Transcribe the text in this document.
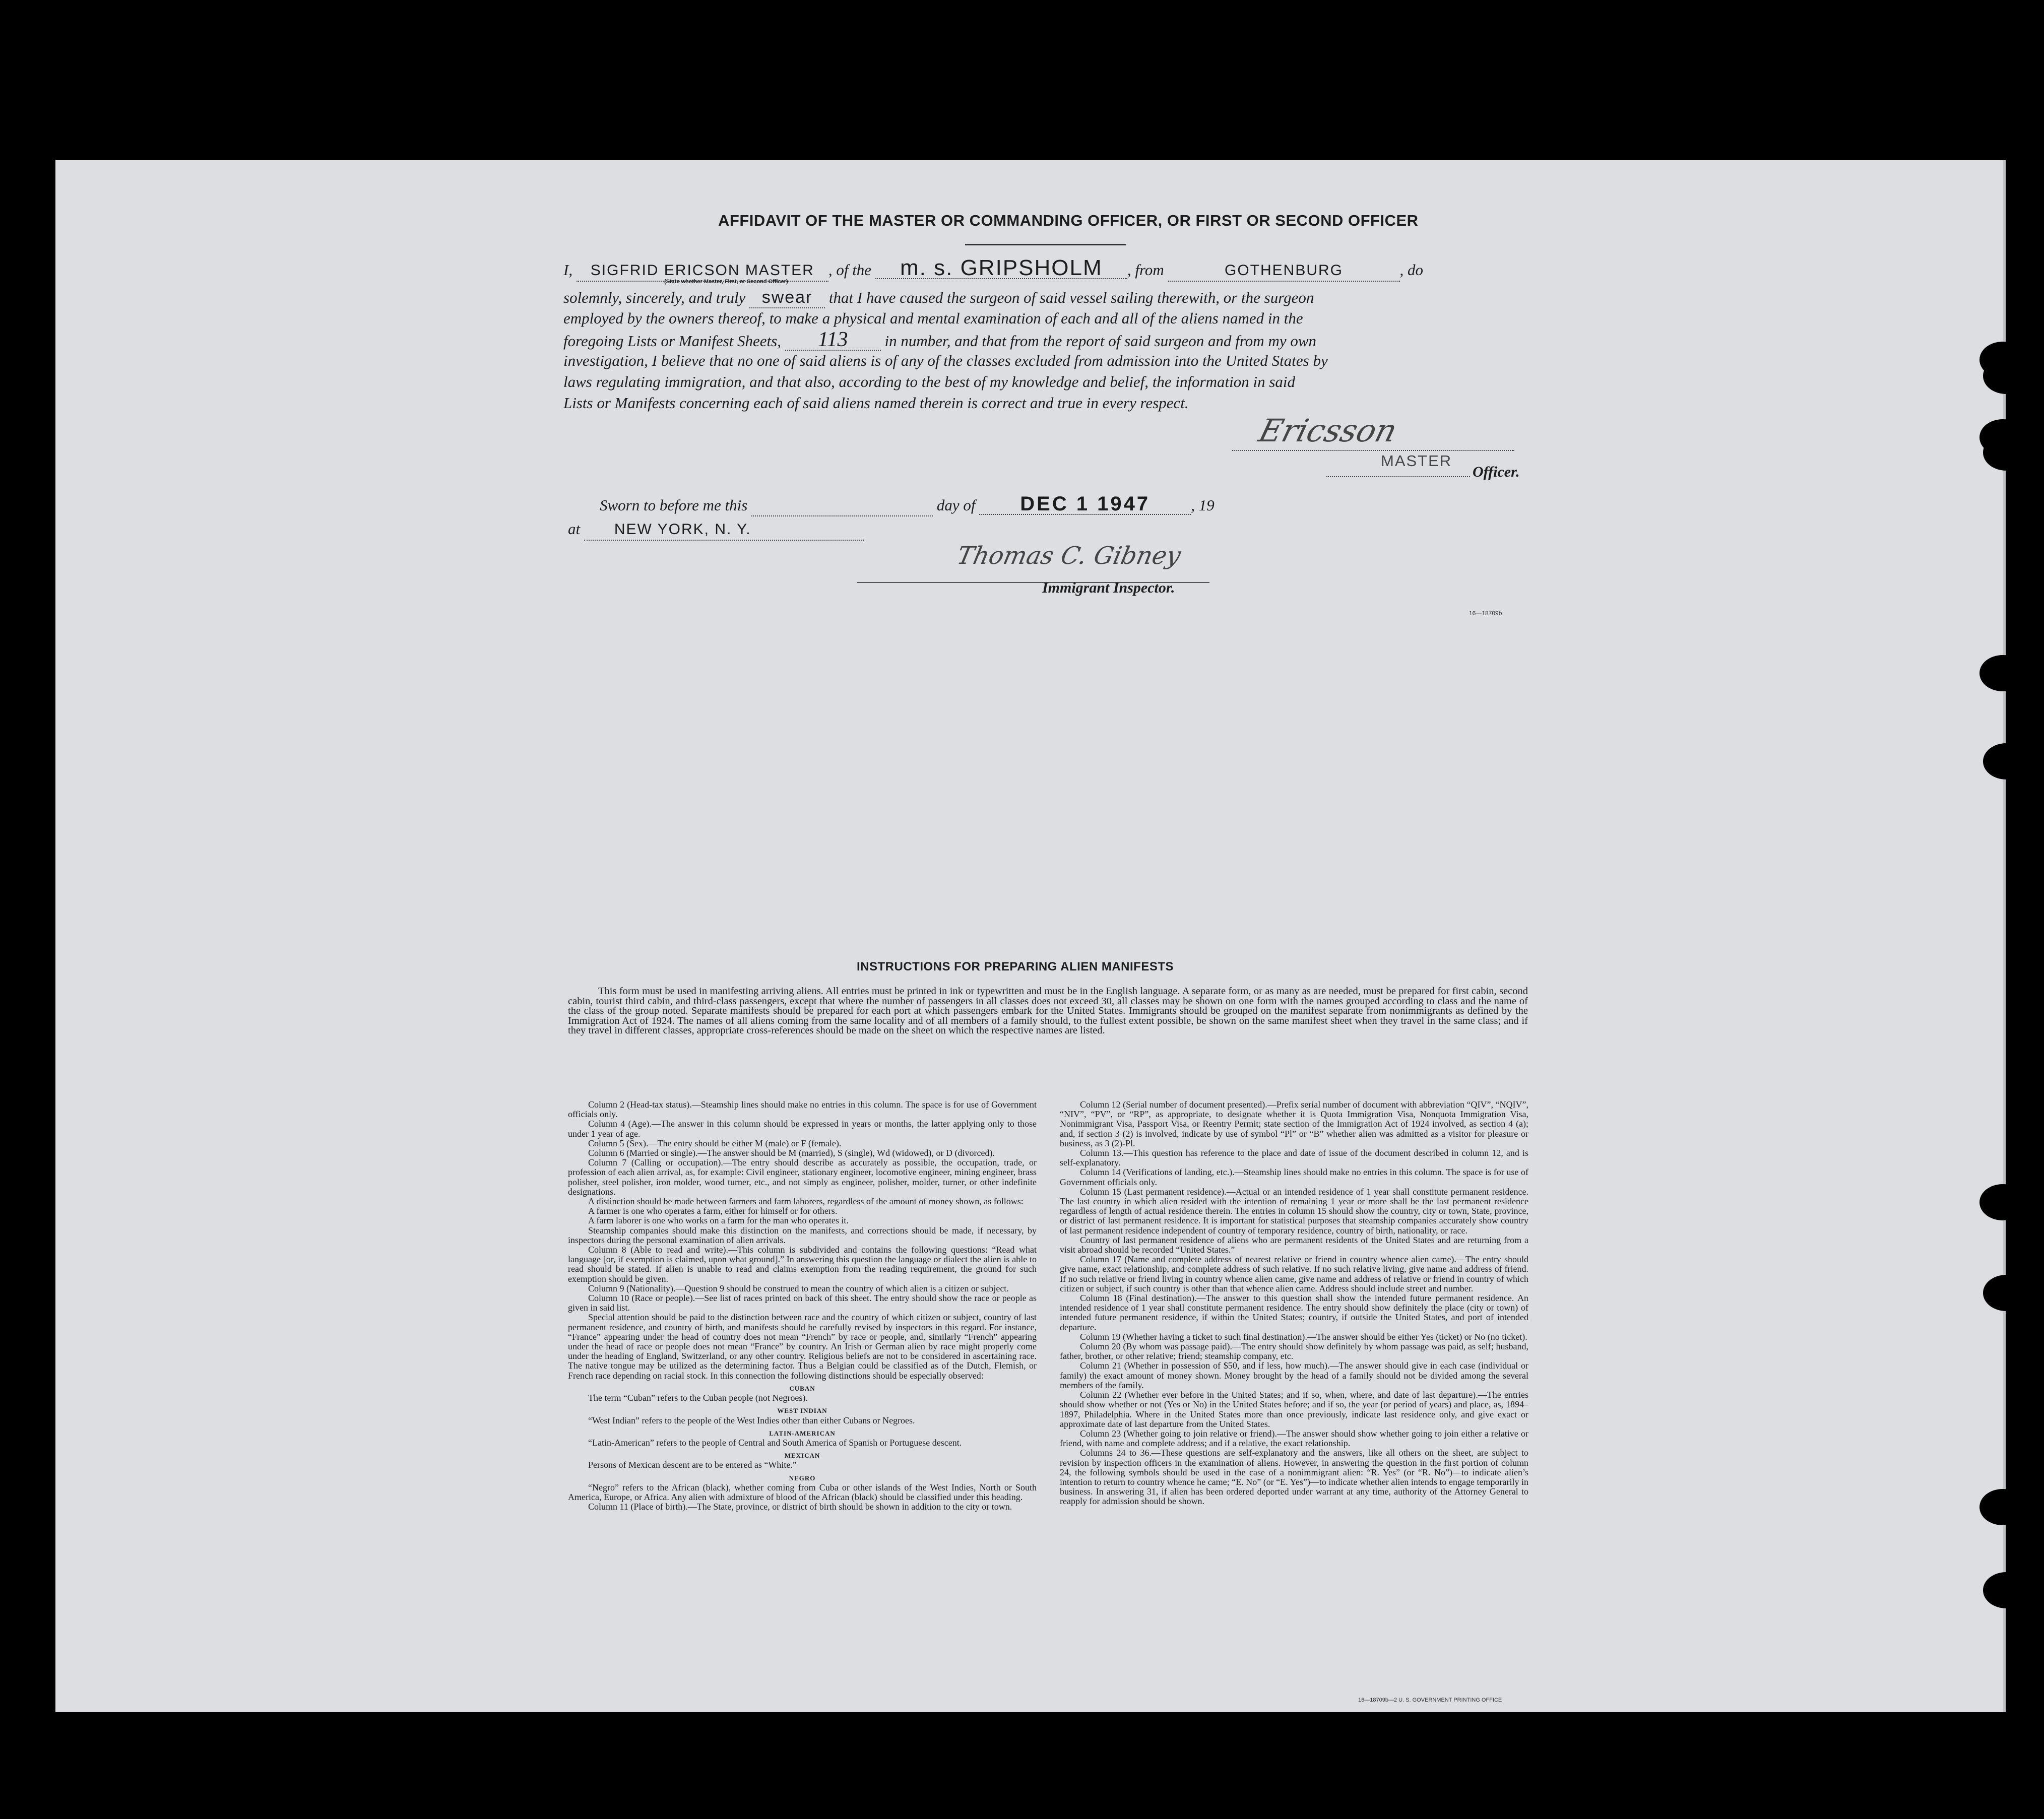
AFFIDAVIT OF THE MASTER OR COMMANDING OFFICER, OR FIRST OR SECOND OFFICER
I, SIGFRID ERICSON MASTER , of the m. s. GRIPSHOLM , from	GOTHENBURG	, do
(State whether Master, First, or Second Officer)
solemnly, sincerely, and truly swear that I have caused the surgeon of said vessel sailing therewith, or the surgeon
employed by the owners thereof, to make a physical and mental examination of each and all of the aliens named in the
foregoing Lists or Manifest Sheets, 113 in number, and that from the report of said surgeon and from my own
investigation, I believe that no one of said aliens is of any of the classes excluded from admission into the United States by
laws regulating immigration, and that also, according to the best of my knowledge and belief, the information in said
Lists or Manifests concerning each of said aliens named therein is correct and true in every respect.
Ericsson
MASTER
Officer.
Sworn to before me this	day of DEC 1 1947	, 19
at NEW YORK, N. Y.
Thomas C. Gibney
Immigrant Inspector.
16—18709b
INSTRUCTIONS FOR PREPARING ALIEN MANIFESTS
This form must be used in manifesting arriving aliens. All entries must be printed in ink or typewritten and must be in the English language. A separate form, or as many as are needed, must be prepared for first cabin, second cabin, tourist third cabin, and third-class passengers, except that where the number of passengers in all classes does not exceed 30, all classes may be shown on one form with the names grouped according to class and the name of the class of the group noted. Separate manifests should be prepared for each port at which passengers embark for the United States. Immigrants should be grouped on the manifest separate from nonimmigrants as defined by the Immigration Act of 1924. The names of all aliens coming from the same locality and of all members of a family should, to the fullest extent possible, be shown on the same manifest sheet when they travel in the same class; and if they travel in different classes, appropriate cross-references should be made on the sheet on which the respective names are listed.

Column 2 (Head-tax status).—Steamship lines should make no entries in this column. The space is for use of Government officials only.

Column 4 (Age).—The answer in this column should be expressed in years or months, the latter applying only to those under 1 year of age.

Column 5 (Sex).—The entry should be either M (male) or F (female).

Column 6 (Married or single).—The answer should be M (married), S (single), Wd (widowed), or D (divorced).

Column 7 (Calling or occupation).—The entry should describe as accurately as possible, the occupation, trade, or profession of each alien arrival, as, for example: Civil engineer, stationary engineer, locomotive engineer, mining engineer, brass polisher, steel polisher, iron molder, wood turner, etc., and not simply as engineer, polisher, molder, turner, or other indefinite designations.

A distinction should be made between farmers and farm laborers, regardless of the amount of money shown, as follows:

A farmer is one who operates a farm, either for himself or for others.

A farm laborer is one who works on a farm for the man who operates it.

Steamship companies should make this distinction on the manifests, and corrections should be made, if necessary, by inspectors during the personal examination of alien arrivals.

Column 8 (Able to read and write).—This column is subdivided and contains the following questions: “Read what language [or, if exemption is claimed, upon what ground].” In answering this question the language or dialect the alien is able to read should be stated. If alien is unable to read and claims exemption from the reading requirement, the ground for such exemption should be given.

Column 9 (Nationality).—Question 9 should be construed to mean the country of which alien is a citizen or subject.

Column 10 (Race or people).—See list of races printed on back of this sheet. The entry should show the race or people as given in said list.

Special attention should be paid to the distinction between race and the country of which citizen or subject, country of last permanent residence, and country of birth, and manifests should be carefully revised by inspectors in this regard. For instance, “France” appearing under the head of country does not mean “French” by race or people, and, similarly “French” appearing under the head of race or people does not mean “France” by country. An Irish or German alien by race might properly come under the heading of England, Switzerland, or any other country. Religious beliefs are not to be considered in ascertaining race. The native tongue may be utilized as the determining factor. Thus a Belgian could be classified as of the Dutch, Flemish, or French race depending on racial stock. In this connection the following distinctions should be especially observed:

CUBAN

The term “Cuban” refers to the Cuban people (not Negroes).

WEST INDIAN

“West Indian” refers to the people of the West Indies other than either Cubans or Negroes.

LATIN-AMERICAN

“Latin-American” refers to the people of Central and South America of Spanish or Portuguese descent.

MEXICAN

Persons of Mexican descent are to be entered as “White.”

NEGRO

“Negro” refers to the African (black), whether coming from Cuba or other islands of the West Indies, North or South America, Europe, or Africa. Any alien with admixture of blood of the African (black) should be classified under this heading.

Column 11 (Place of birth).—The State, province, or district of birth should be shown in addition to the city or town.

Column 12 (Serial number of document presented).—Prefix serial number of document with abbreviation “QIV”, “NQIV”, “NIV”, “PV”, or “RP”, as appropriate, to designate whether it is Quota Immigration Visa, Nonquota Immigration Visa, Nonimmigrant Visa, Passport Visa, or Reentry Permit; state section of the Immigration Act of 1924 involved, as section 4 (a); and, if section 3 (2) is involved, indicate by use of symbol “Pl” or “B” whether alien was admitted as a visitor for pleasure or business, as 3 (2)-Pl.

Column 13.—This question has reference to the place and date of issue of the document described in column 12, and is self-explanatory.

Column 14 (Verifications of landing, etc.).—Steamship lines should make no entries in this column. The space is for use of Government officials only.

Column 15 (Last permanent residence).—Actual or an intended residence of 1 year shall constitute permanent residence. The last country in which alien resided with the intention of remaining 1 year or more shall be the last permanent residence regardless of length of actual residence therein. The entries in column 15 should show the country, city or town, State, province, or district of last permanent residence. It is important for statistical purposes that steamship companies accurately show country of last permanent residence independent of country of temporary residence, country of birth, nationality, or race.

Country of last permanent residence of aliens who are permanent residents of the United States and are returning from a visit abroad should be recorded “United States.”

Column 17 (Name and complete address of nearest relative or friend in country whence alien came).—The entry should give name, exact relationship, and complete address of such relative. If no such relative living, give name and address of friend. If no such relative or friend living in country whence alien came, give name and address of relative or friend in country of which citizen or subject, if such country is other than that whence alien came. Address should include street and number.

Column 18 (Final destination).—The answer to this question shall show the intended future permanent residence. An intended residence of 1 year shall constitute permanent residence. The entry should show definitely the place (city or town) of intended future permanent residence, if within the United States; country, if outside the United States, and port of intended departure.

Column 19 (Whether having a ticket to such final destination).—The answer should be either Yes (ticket) or No (no ticket).

Column 20 (By whom was passage paid).—The entry should show definitely by whom passage was paid, as self; husband, father, brother, or other relative; friend; steamship company, etc.

Column 21 (Whether in possession of $50, and if less, how much).—The answer should give in each case (individual or family) the exact amount of money shown. Money brought by the head of a family should not be divided among the several members of the family.

Column 22 (Whether ever before in the United States; and if so, when, where, and date of last departure).—The entries should show whether or not (Yes or No) in the United States before; and if so, the year (or period of years) and place, as, 1894–1897, Philadelphia. Where in the United States more than once previously, indicate last residence only, and give exact or approximate date of last departure from the United States.

Column 23 (Whether going to join relative or friend).—The answer should show whether going to join either a relative or friend, with name and complete address; and if a relative, the exact relationship.

Columns 24 to 36.—These questions are self-explanatory and the answers, like all others on the sheet, are subject to revision by inspection officers in the examination of aliens. However, in answering the question in the first portion of column 24, the following symbols should be used in the case of a nonimmigrant alien: “R. Yes” (or “R. No”)—to indicate alien’s intention to return to country whence he came; “E. No” (or “E. Yes”)—to indicate whether alien intends to engage temporarily in business. In answering 31, if alien has been ordered deported under warrant at any time, authority of the Attorney General to reapply for admission should be shown.

16—18709b—2 U. S. GOVERNMENT PRINTING OFFICE
